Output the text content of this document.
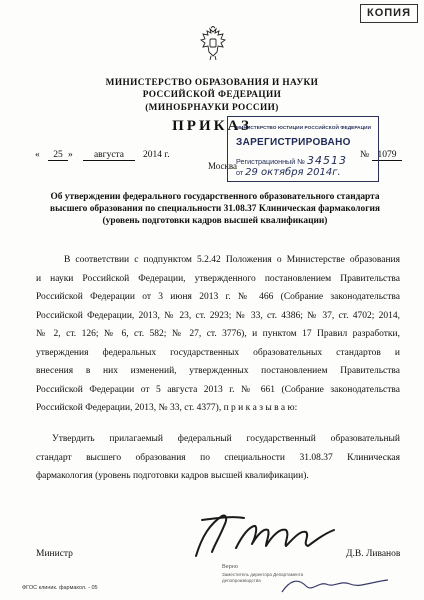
КОПИЯ
МИНИСТЕРСТВО ОБРАЗОВАНИЯ И НАУКИ
РОССИЙСКОЙ ФЕДЕРАЦИИ
(МИНОБРНАУКИ РОССИИ)
ПРИКАЗ
«	25 »	августа	2014 г.	№ 1079
Москва
МИНИСТЕРСТВО ЮСТИЦИИ РОССИЙСКОЙ ФЕДЕРАЦИИ
ЗАРЕГИСТРИРОВАНО
Регистрационный № 34513
от 29 октября 2014г.
Об утверждении федерального государственного образовательного стандарта
высшего образования по специальности 31.08.37 Клиническая фармакология
(уровень подготовки кадров высшей квалификации)
В соответствии с подпунктом 5.2.42 Положения о Министерстве образования
и науки Российской Федерации, утвержденного постановлением Правительства
Российской Федерации от 3 июня 2013 г. № 466 (Собрание законодательства
Российской Федерации, 2013, № 23, ст. 2923; № 33, ст. 4386; № 37, ст. 4702; 2014,
№ 2, ст. 126; № 6, ст. 582; № 27, ст. 3776), и пунктом 17 Правил разработки,
утверждения федеральных государственных образовательных стандартов и
внесения в них изменений, утвержденных постановлением Правительства
Российской Федерации от 5 августа 2013 г. № 661 (Собрание законодательства
Российской Федерации, 2013, № 33, ст. 4377), п р и к а з ы в а ю:
Утвердить прилагаемый федеральный государственный образовательный
стандарт высшего образования по специальности 31.08.37 Клиническая
фармакология (уровень подготовки кадров высшей квалификации).
Министр	Д.В. Ливанов
Верно
Заместитель директора Департамента
делопроизводства
ФГОС клиник. фармакол. - 05
